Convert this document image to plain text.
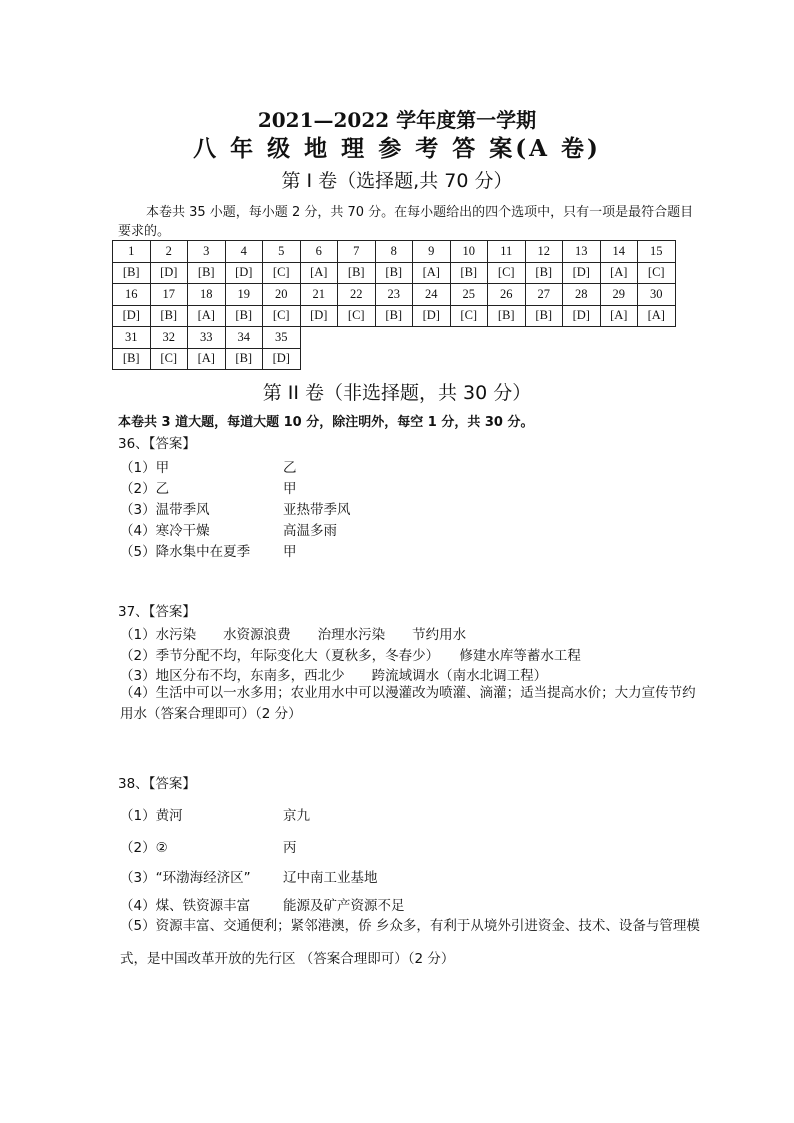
2021—2022 学年度第一学期
八 年 级 地 理 参 考 答 案(A 卷)
第 I 卷（选择题,共 70 分）
本卷共 35 小题，每小题 2 分，共 70 分。在每小题给出的四个选项中，只有一项是最符合题目要求的。
1	2	3	4	5	6	7	8	9	10	11	12	13	14	15
[B]	[D]	[B]	[D]	[C]	[A]	[B]	[B]	[A]	[B]	[C]	[B]	[D]	[A]	[C]
16	17	18	19	20	21	22	23	24	25	26	27	28	29	30
[D]	[B]	[A]	[B]	[C]	[D]	[C]	[B]	[D]	[C]	[B]	[B]	[D]	[A]	[A]
31	32	33	34	35										
[B]	[C]	[A]	[B]	[D]										
第 II 卷（非选择题，共 30 分）
本卷共 3 道大题，每道大题 10 分，除注明外，每空 1 分，共 30 分。
36、【答案】
（1）甲	乙
（2）乙	甲
（3）温带季风	亚热带季风
（4）寒冷干燥	高温多雨
（5）降水集中在夏季 甲
37、【答案】
（1）水污染　　水资源浪费　　治理水污染　　节约用水
（2）季节分配不均，年际变化大（夏秋多，冬春少）　　修建水库等蓄水工程
（3）地区分布不均，东南多，西北少　　跨流域调水（南水北调工程）
（4）生活中可以一水多用；农业用水中可以漫灌改为喷灌、滴灌；适当提高水价；大力宣传节约用水（答案合理即可）（2 分）
38、【答案】
（1）黄河	京九
（2）②	丙
（3）“环渤海经济区” 辽中南工业基地
（4）煤、铁资源丰富 能源及矿产资源不足
（5）资源丰富、交通便利；紧邻港澳，侨 乡众多，有利于从境外引进资金、技术、设备与管理模式，是中国改革开放的先行区 （答案合理即可）（2 分）
